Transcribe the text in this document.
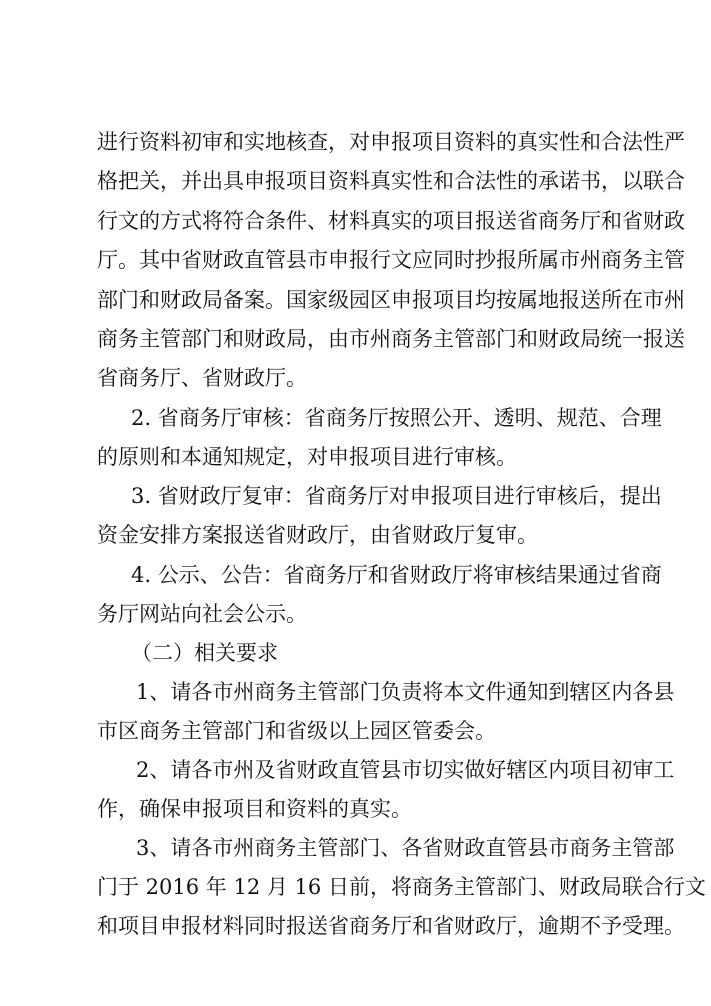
进行资料初审和实地核查，对申报项目资料的真实性和合法性严
格把关，并出具申报项目资料真实性和合法性的承诺书，以联合
行文的方式将符合条件、材料真实的项目报送省商务厅和省财政
厅。其中省财政直管县市申报行文应同时抄报所属市州商务主管
部门和财政局备案。国家级园区申报项目均按属地报送所在市州
商务主管部门和财政局，由市州商务主管部门和财政局统一报送
省商务厅、省财政厅。
2. 省商务厅审核：省商务厅按照公开、透明、规范、合理
的原则和本通知规定，对申报项目进行审核。
3. 省财政厅复审：省商务厅对申报项目进行审核后，提出
资金安排方案报送省财政厅，由省财政厅复审。
4. 公示、公告：省商务厅和省财政厅将审核结果通过省商
务厅网站向社会公示。
（二）相关要求
1、请各市州商务主管部门负责将本文件通知到辖区内各县
市区商务主管部门和省级以上园区管委会。
2、请各市州及省财政直管县市切实做好辖区内项目初审工
作，确保申报项目和资料的真实。
3、请各市州商务主管部门、各省财政直管县市商务主管部
门于 2016 年 12 月 16 日前，将商务主管部门、财政局联合行文
和项目申报材料同时报送省商务厅和省财政厅，逾期不予受理。
